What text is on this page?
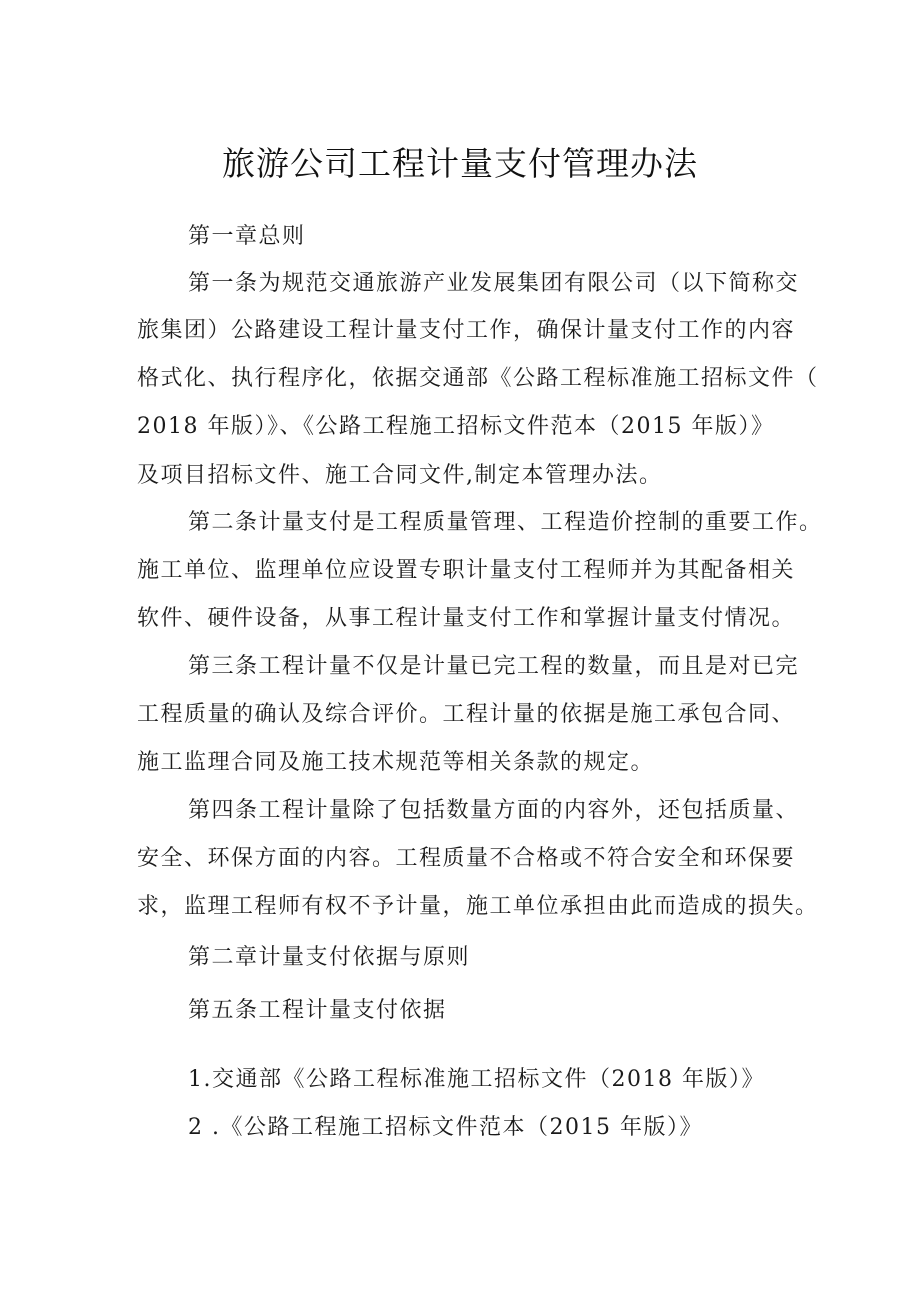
旅游公司工程计量支付管理办法
第一章总则
第一条为规范交通旅游产业发展集团有限公司（以下简称交
旅集团）公路建设工程计量支付工作，确保计量支付工作的内容
格式化、执行程序化，依据交通部《公路工程标准施工招标文件（
2018 年版）》、《公路工程施工招标文件范本（2015 年版）》
及项目招标文件、施工合同文件,制定本管理办法。
第二条计量支付是工程质量管理、工程造价控制的重要工作。
施工单位、监理单位应设置专职计量支付工程师并为其配备相关
软件、硬件设备，从事工程计量支付工作和掌握计量支付情况。
第三条工程计量不仅是计量已完工程的数量，而且是对已完
工程质量的确认及综合评价。工程计量的依据是施工承包合同、
施工监理合同及施工技术规范等相关条款的规定。
第四条工程计量除了包括数量方面的内容外，还包括质量、
安全、环保方面的内容。工程质量不合格或不符合安全和环保要
求，监理工程师有权不予计量，施工单位承担由此而造成的损失。
第二章计量支付依据与原则
第五条工程计量支付依据
1.交通部《公路工程标准施工招标文件（2018 年版）》
2 .《公路工程施工招标文件范本（2015 年版）》
